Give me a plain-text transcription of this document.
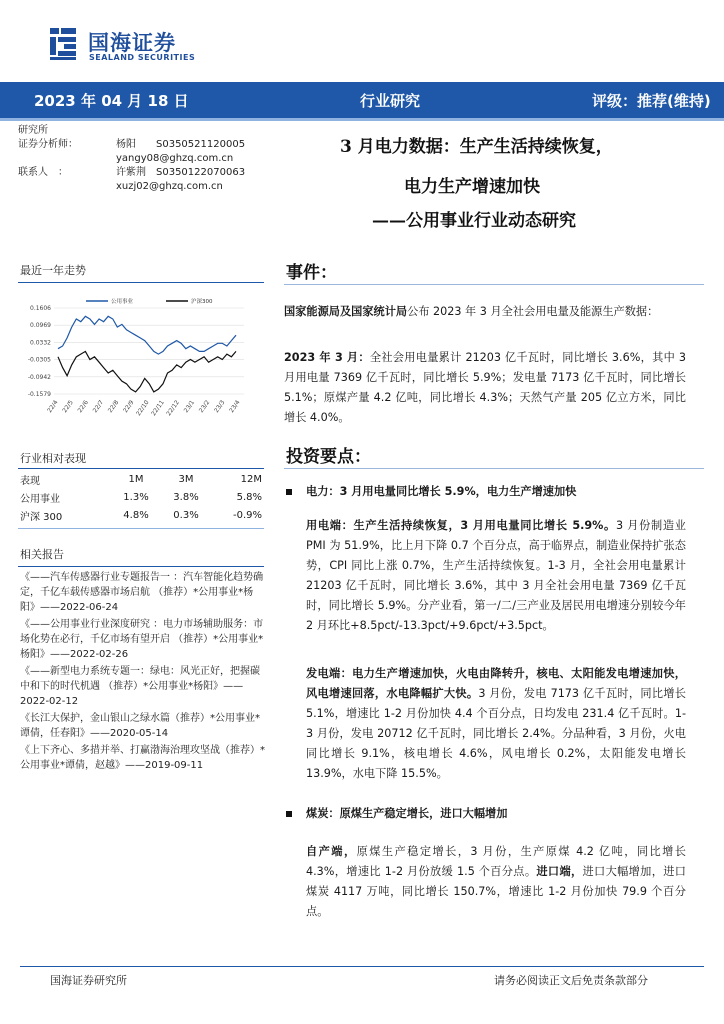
国海证券
SEALAND SECURITIES
2023 年 04 月 18 日	行业研究	评级：推荐(维持)
研究所
证券分析师：	杨阳 S0350521120005
yangy08@ghzq.com.cn
联系人　：	许紫荆 S0350122070063
xuzj02@ghzq.com.cn
3 月电力数据：生产生活持续恢复，
电力生产增速加快
——公用事业行业动态研究
最近一年走势
0.1606
0.0969
0.0332
-0.0305
-0.0942
-0.1579
22/4 22/5 22/6 22/7 22/8 22/9 22/10 22/11 22/12 23/1 23/2 23/3 23/4
公用事业	沪深300
行业相对表现
表现	1M	3M	12M
公用事业	1.3%	3.8%	5.8%
沪深 300	4.8%	0.3%	-0.9%
相关报告

《——汽车传感器行业专题报告一 ：汽车智能化趋势确定，千亿车载传感器市场启航 （推荐）*公用事业*杨阳》——2022-06-24

《——公用事业行业深度研究 ：电力市场辅助服务：市场化势在必行，千亿市场有望开启 （推荐）*公用事业*杨阳》——2022-02-26

《——新型电力系统专题一：绿电：风光正好，把握碳中和下的时代机遇 （推荐）*公用事业*杨阳》——2022-02-12

《长江大保护，金山银山之绿水篇（推荐）*公用事业*谭倩，任春阳》——2020-05-14

《上下齐心、多措并举、打赢渤海治理攻坚战（推荐）*公用事业*谭倩，赵越》——2019-09-11

事件：
国家能源局及国家统计局公布 2023 年 3 月全社会用电量及能源生产数据：
2023 年 3 月：全社会用电量累计 21203 亿千瓦时，同比增长 3.6%，其中 3 月用电量 7369 亿千瓦时，同比增长 5.9%；发电量 7173 亿千瓦时，同比增长 5.1%；原煤产量 4.2 亿吨，同比增长 4.3%；天然气产量 205 亿立方米，同比增长 4.0%。
投资要点：
电力：3 月用电量同比增长 5.9%，电力生产增速加快
用电端：生产生活持续恢复，3 月用电量同比增长 5.9%。3 月份制造业 PMI 为 51.9%，比上月下降 0.7 个百分点，高于临界点，制造业保持扩张态势，CPI 同比上涨 0.7%，生产生活持续恢复。1-3 月，全社会用电量累计 21203 亿千瓦时，同比增长 3.6%，其中 3 月全社会用电量 7369 亿千瓦时，同比增长 5.9%。分产业看，第一/二/三产业及居民用电增速分别较今年 2 月环比+8.5pct/-13.3pct/+9.6pct/+3.5pct。
发电端：电力生产增速加快，火电由降转升，核电、太阳能发电增速加快，风电增速回落，水电降幅扩大快。3 月份，发电 7173 亿千瓦时，同比增长 5.1%，增速比 1-2 月份加快 4.4 个百分点，日均发电 231.4 亿千瓦时。1-3 月份，发电 20712 亿千瓦时，同比增长 2.4%。分品种看，3 月份，火电同比增长 9.1%，核电增长 4.6%，风电增长 0.2%，太阳能发电增长 13.9%，水电下降 15.5%。
煤炭：原煤生产稳定增长，进口大幅增加
自产端，原煤生产稳定增长，3 月份，生产原煤 4.2 亿吨，同比增长 4.3%，增速比 1-2 月份放缓 1.5 个百分点。进口端，进口大幅增加，进口煤炭 4117 万吨，同比增长 150.7%，增速比 1-2 月份加快 79.9 个百分点。
国海证券研究所	请务必阅读正文后免责条款部分
